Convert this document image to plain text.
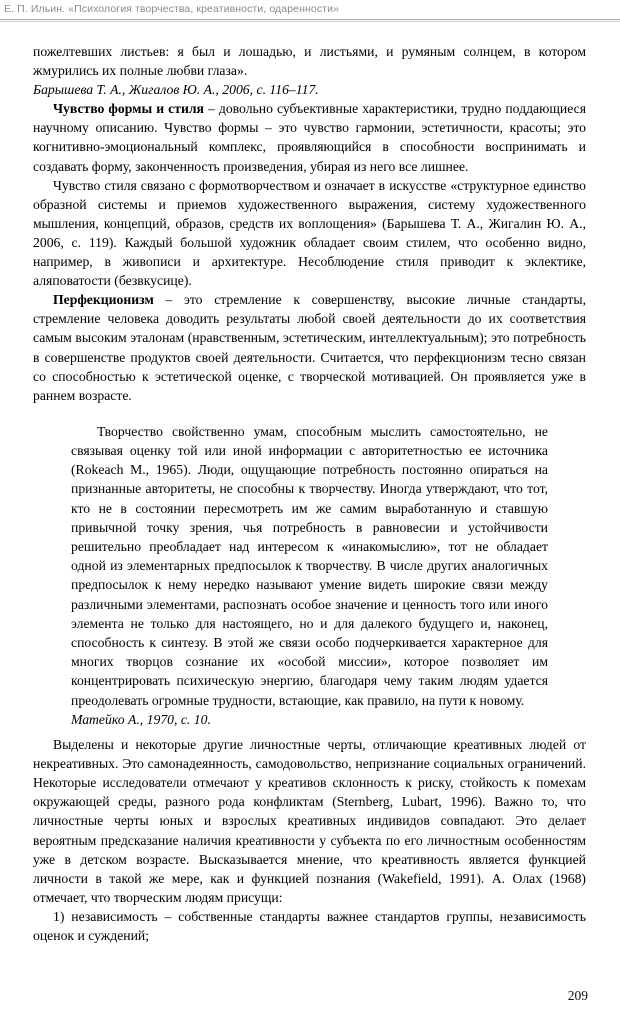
Е. П. Ильин. «Психология творчества, креативности, одаренности»

пожелтевших листьев: я был и лошадью, и листьями, и румяным солнцем, в котором жмурились их полные любви глаза».

Барышева Т. А., Жигалов Ю. А., 2006, с. 116–117.

Чувство формы и стиля – довольно субъективные характеристики, трудно поддающиеся научному описанию. Чувство формы – это чувство гармонии, эстетичности, красоты; это когнитивно-эмоциональный комплекс, проявляющийся в способности воспринимать и создавать форму, законченность произведения, убирая из него все лишнее.

Чувство стиля связано с формотворчеством и означает в искусстве «структурное единство образной системы и приемов художественного выражения, систему художественного мышления, концепций, образов, средств их воплощения» (Барышева Т. А., Жигалин Ю. А., 2006, с. 119). Каждый большой художник обладает своим стилем, что особенно видно, например, в живописи и архитектуре. Несоблюдение стиля приводит к эклектике, аляповатости (безвкусице).

Перфекционизм – это стремление к совершенству, высокие личные стандарты, стремление человека доводить результаты любой своей деятельности до их соответствия самым высоким эталонам (нравственным, эстетическим, интеллектуальным); это потребность в совершенстве продуктов своей деятельности. Считается, что перфекционизм тесно связан со способностью к эстетической оценке, с творческой мотивацией. Он проявляется уже в раннем возрасте.

Творчество свойственно умам, способным мыслить самостоятельно, не связывая оценку той или иной информации с авторитетностью ее источника (Rokeach M., 1965). Люди, ощущающие потребность постоянно опираться на признанные авторитеты, не способны к творчеству. Иногда утверждают, что тот, кто не в состоянии пересмотреть им же самим выработанную и ставшую привычной точку зрения, чья потребность в равновесии и устойчивости решительно преобладает над интересом к «инакомыслию», тот не обладает одной из элементарных предпосылок к творчеству. В числе других аналогичных предпосылок к нему нередко называют умение видеть широкие связи между различными элементами, распознать особое значение и ценность того или иного элемента не только для настоящего, но и для далекого будущего и, наконец, способность к синтезу. В этой же связи особо подчеркивается характерное для многих творцов сознание их «особой миссии», которое позволяет им концентрировать психическую энергию, благодаря чему таким людям удается преодолевать огромные трудности, встающие, как правило, на пути к новому.

Матейко А., 1970, с. 10.

Выделены и некоторые другие личностные черты, отличающие креативных людей от некреативных. Это самонадеянность, самодовольство, непризнание социальных ограничений. Некоторые исследователи отмечают у креативов склонность к риску, стойкость к помехам окружающей среды, разного рода конфликтам (Sternberg, Lubart, 1996). Важно то, что личностные черты юных и взрослых креативных индивидов совпадают. Это делает вероятным предсказание наличия креативности у субъекта по его личностным особенностям уже в детском возрасте. Высказывается мнение, что креативность является функцией личности в такой же мере, как и функцией познания (Wakefield, 1991). А. Олах (1968) отмечает, что творческим людям присущи:

1) независимость – собственные стандарты важнее стандартов группы, независимость оценок и суждений;

209
